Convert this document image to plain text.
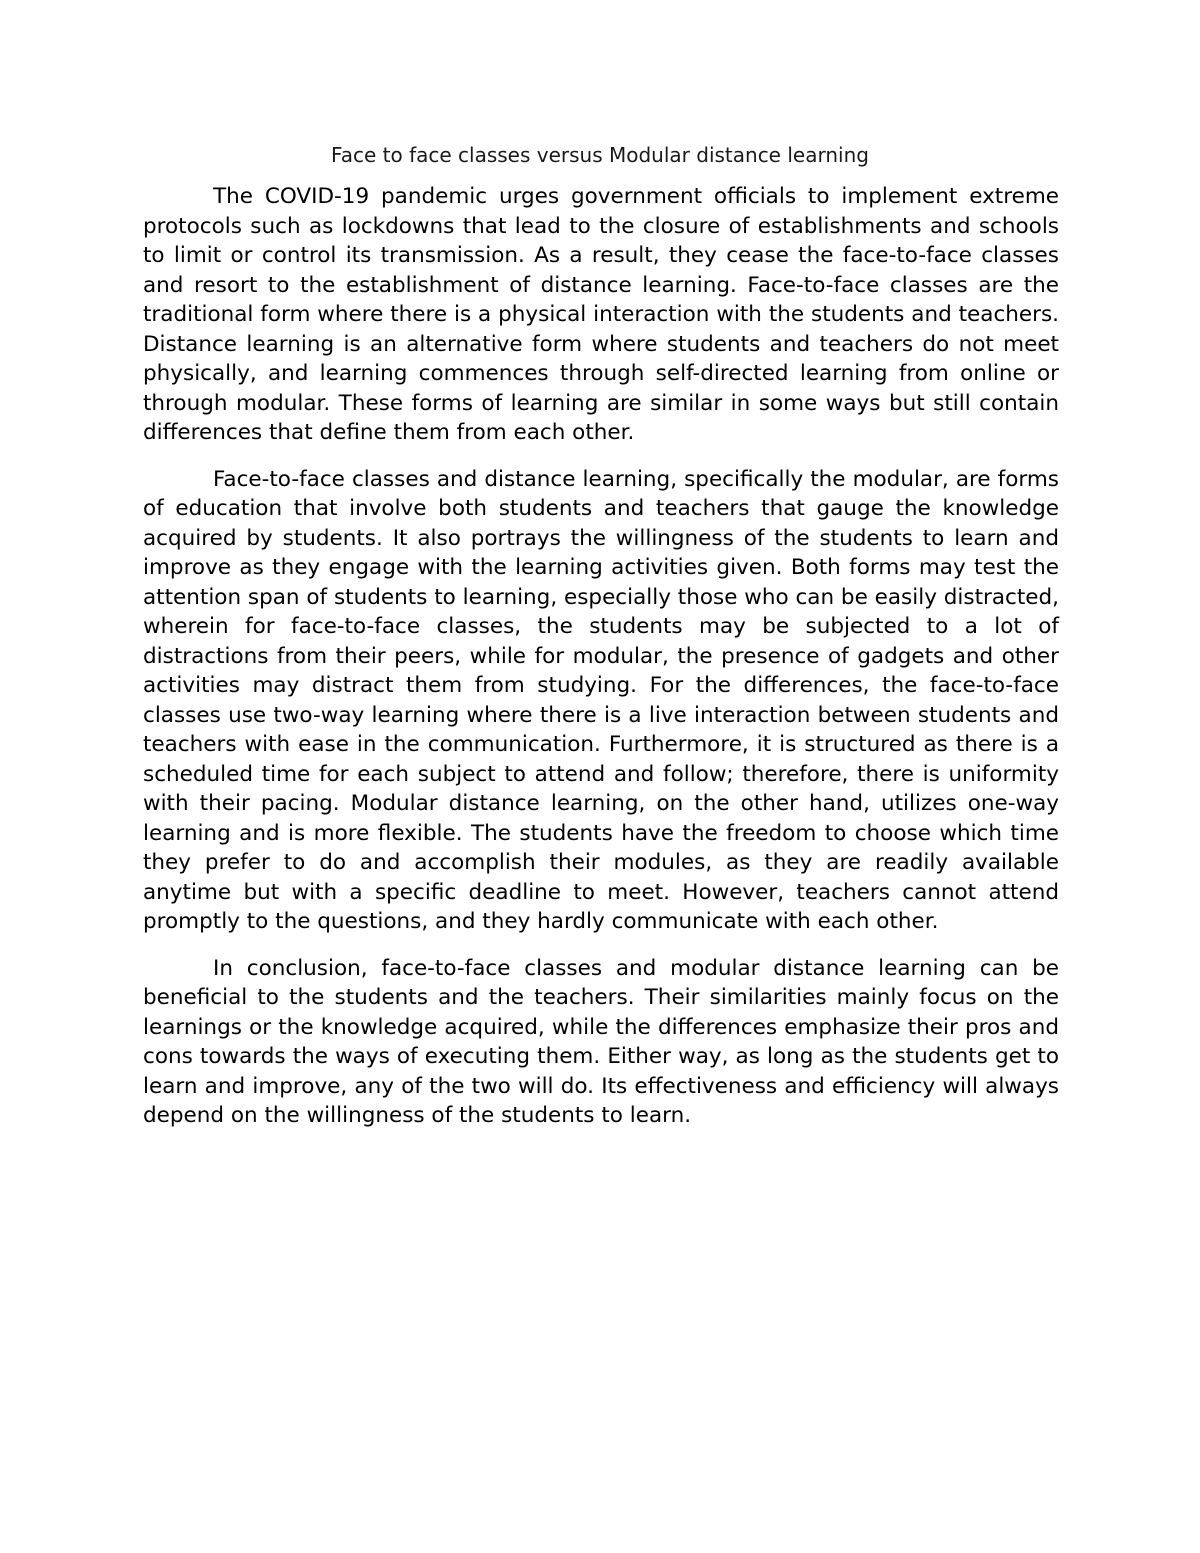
Face to face classes versus Modular distance learning

The COVID-19 pandemic urges government officials to implement extreme protocols such as lockdowns that lead to the closure of establishments and schools to limit or control its transmission. As a result, they cease the face-to-face classes and resort to the establishment of distance learning. Face-to-face classes are the traditional form where there is a physical interaction with the students and teachers. Distance learning is an alternative form where students and teachers do not meet physically, and learning commences through self-directed learning from online or through modular. These forms of learning are similar in some ways but still contain differences that define them from each other.

Face-to-face classes and distance learning, specifically the modular, are forms of education that involve both students and teachers that gauge the knowledge acquired by students. It also portrays the willingness of the students to learn and improve as they engage with the learning activities given. Both forms may test the attention span of students to learning, especially those who can be easily distracted, wherein for face-to-face classes, the students may be subjected to a lot of distractions from their peers, while for modular, the presence of gadgets and other activities may distract them from studying. For the differences, the face-to-face classes use two-way learning where there is a live interaction between students and teachers with ease in the communication. Furthermore, it is structured as there is a scheduled time for each subject to attend and follow; therefore, there is uniformity with their pacing. Modular distance learning, on the other hand, utilizes one-way learning and is more flexible. The students have the freedom to choose which time they prefer to do and accomplish their modules, as they are readily available anytime but with a specific deadline to meet. However, teachers cannot attend promptly to the questions, and they hardly communicate with each other.

In conclusion, face-to-face classes and modular distance learning can be beneficial to the students and the teachers. Their similarities mainly focus on the learnings or the knowledge acquired, while the differences emphasize their pros and cons towards the ways of executing them. Either way, as long as the students get to learn and improve, any of the two will do. Its effectiveness and efficiency will always depend on the willingness of the students to learn.
